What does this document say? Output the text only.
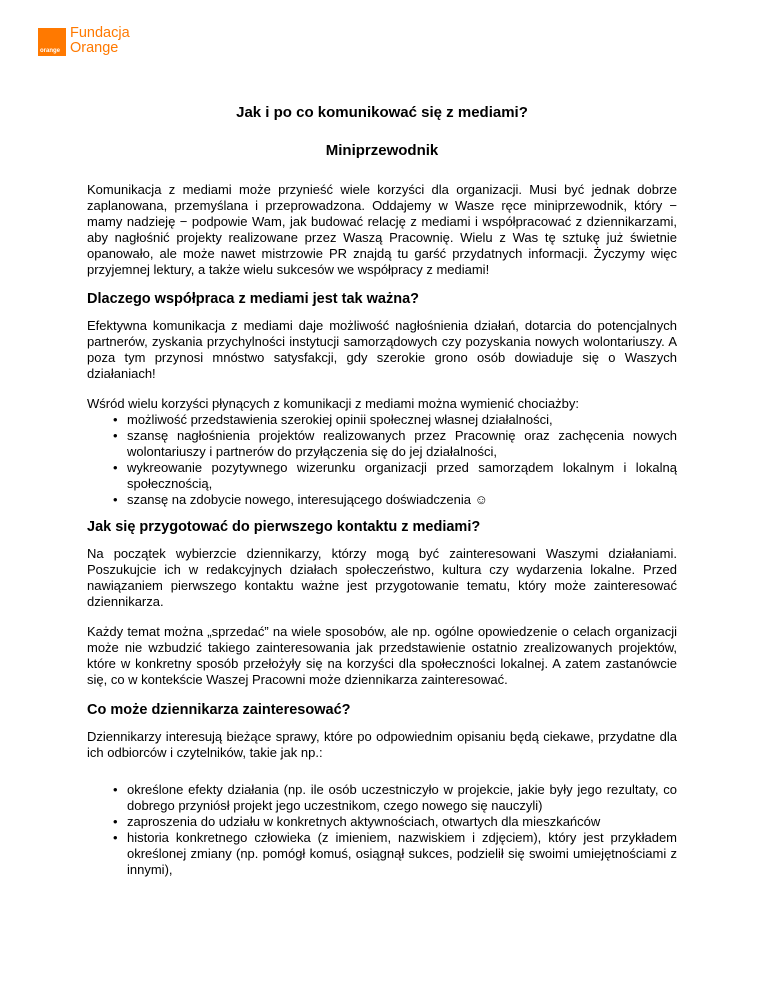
orange
Fundacja
Orange
Jak i po co komunikować się z mediami?
Miniprzewodnik

Komunikacja z mediami może przynieść wiele korzyści dla organizacji. Musi być jednak dobrze zaplanowana, przemyślana i przeprowadzona. Oddajemy w Wasze ręce miniprzewodnik, który − mamy nadzieję − podpowie Wam, jak budować relację z mediami i współpracować z dziennikarzami, aby nagłośnić projekty realizowane przez Waszą Pracownię. Wielu z Was tę sztukę już świetnie opanowało, ale może nawet mistrzowie PR znajdą tu garść przydatnych informacji. Życzymy więc przyjemnej lektury, a także wielu sukcesów we współpracy z mediami!

Dlaczego współpraca z mediami jest tak ważna?

Efektywna komunikacja z mediami daje możliwość nagłośnienia działań, dotarcia do potencjalnych partnerów, zyskania przychylności instytucji samorządowych czy pozyskania nowych wolontariuszy. A poza tym przynosi mnóstwo satysfakcji, gdy szerokie grono osób dowiaduje się o Waszych działaniach!

Wśród wielu korzyści płynących z komunikacji z mediami można wymienić chociażby:

• możliwość przedstawienia szerokiej opinii społecznej własnej działalności,
• szansę nagłośnienia projektów realizowanych przez Pracownię oraz zachęcenia nowych wolontariuszy i partnerów do przyłączenia się do jej działalności,
• wykreowanie pozytywnego wizerunku organizacji przed samorządem lokalnym i lokalną społecznością,
• szansę na zdobycie nowego, interesującego doświadczenia ☺
Jak się przygotować do pierwszego kontaktu z mediami?

Na początek wybierzcie dziennikarzy, którzy mogą być zainteresowani Waszymi działaniami. Poszukujcie ich w redakcyjnych działach społeczeństwo, kultura czy wydarzenia lokalne. Przed nawiązaniem pierwszego kontaktu ważne jest przygotowanie tematu, który może zainteresować dziennikarza.

Każdy temat można „sprzedać” na wiele sposobów, ale np. ogólne opowiedzenie o celach organizacji może nie wzbudzić takiego zainteresowania jak przedstawienie ostatnio zrealizowanych projektów, które w konkretny sposób przełożyły się na korzyści dla społeczności lokalnej. A zatem zastanówcie się, co w kontekście Waszej Pracowni może dziennikarza zainteresować.

Co może dziennikarza zainteresować?

Dziennikarzy interesują bieżące sprawy, które po odpowiednim opisaniu będą ciekawe, przydatne dla ich odbiorców i czytelników, takie jak np.:

• określone efekty działania (np. ile osób uczestniczyło w projekcie, jakie były jego rezultaty, co dobrego przyniósł projekt jego uczestnikom, czego nowego się nauczyli)
• zaproszenia do udziału w konkretnych aktywnościach, otwartych dla mieszkańców
• historia konkretnego człowieka (z imieniem, nazwiskiem i zdjęciem), który jest przykładem określonej zmiany (np. pomógł komuś, osiągnął sukces, podzielił się swoimi umiejętnościami z innymi),
